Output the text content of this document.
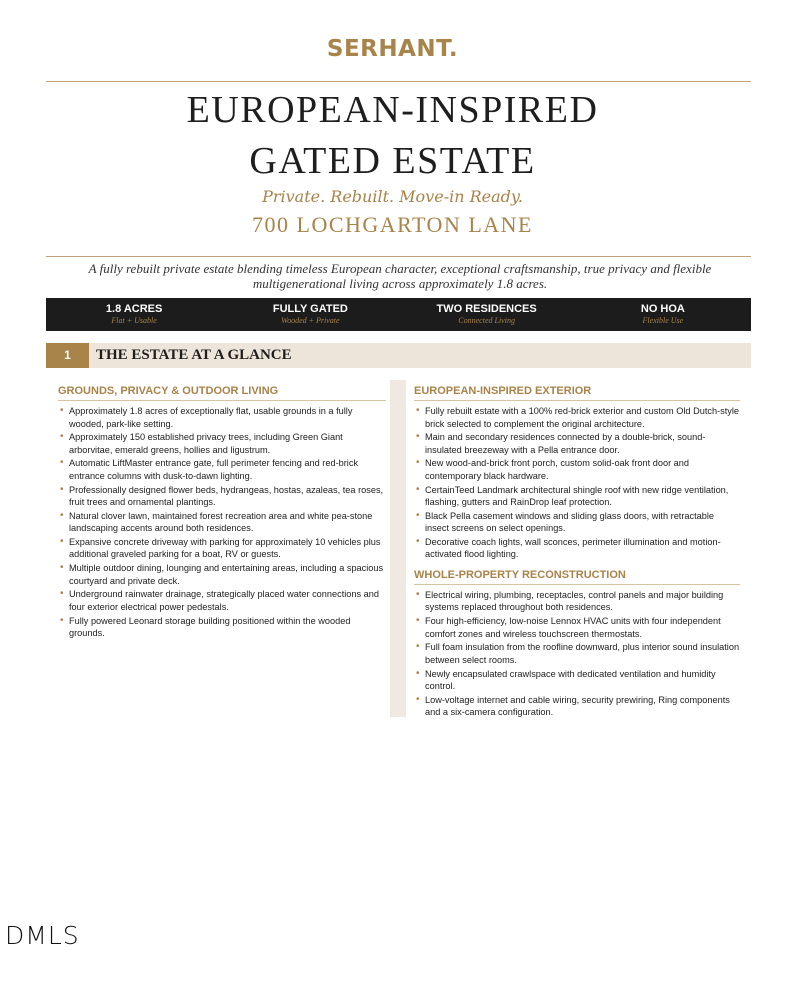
SERHANT.
EUROPEAN-INSPIRED
GATED ESTATE
Private. Rebuilt. Move-in Ready.
700 LOCHGARTON LANE
A fully rebuilt private estate blending timeless European character, exceptional craftsmanship, true privacy and flexible multigenerational living across approximately 1.8 acres.
1.8 ACRES
Flat + Usable
FULLY GATED
Wooded + Private
TWO RESIDENCES
Connected Living
NO HOA
Flexible Use
1	THE ESTATE AT A GLANCE
GROUNDS, PRIVACY & OUTDOOR LIVING
• Approximately 1.8 acres of exceptionally flat, usable grounds in a fully wooded, park-like setting.
• Approximately 150 established privacy trees, including Green Giant arborvitae, emerald greens, hollies and ligustrum.
• Automatic LiftMaster entrance gate, full perimeter fencing and red-brick entrance columns with dusk-to-dawn lighting.
• Professionally designed flower beds, hydrangeas, hostas, azaleas, tea roses, fruit trees and ornamental plantings.
• Natural clover lawn, maintained forest recreation area and white pea-stone landscaping accents around both residences.
• Expansive concrete driveway with parking for approximately 10 vehicles plus additional graveled parking for a boat, RV or guests.
• Multiple outdoor dining, lounging and entertaining areas, including a spacious courtyard and private deck.
• Underground rainwater drainage, strategically placed water connections and four exterior electrical power pedestals.
• Fully powered Leonard storage building positioned within the wooded grounds.
EUROPEAN-INSPIRED EXTERIOR
• Fully rebuilt estate with a 100% red-brick exterior and custom Old Dutch-style brick selected to complement the original architecture.
• Main and secondary residences connected by a double-brick, sound-insulated breezeway with a Pella entrance door.
• New wood-and-brick front porch, custom solid-oak front door and contemporary black hardware.
• CertainTeed Landmark architectural shingle roof with new ridge ventilation, flashing, gutters and RainDrop leaf protection.
• Black Pella casement windows and sliding glass doors, with retractable insect screens on select openings.
• Decorative coach lights, wall sconces, perimeter illumination and motion-activated flood lighting.
WHOLE-PROPERTY RECONSTRUCTION
• Electrical wiring, plumbing, receptacles, control panels and major building systems replaced throughout both residences.
• Four high-efficiency, low-noise Lennox HVAC units with four independent comfort zones and wireless touchscreen thermostats.
• Full foam insulation from the roofline downward, plus interior sound insulation between select rooms.
• Newly encapsulated crawlspace with dedicated ventilation and humidity control.
• Low-voltage internet and cable wiring, security prewiring, Ring components and a six-camera configuration.
DMLS
